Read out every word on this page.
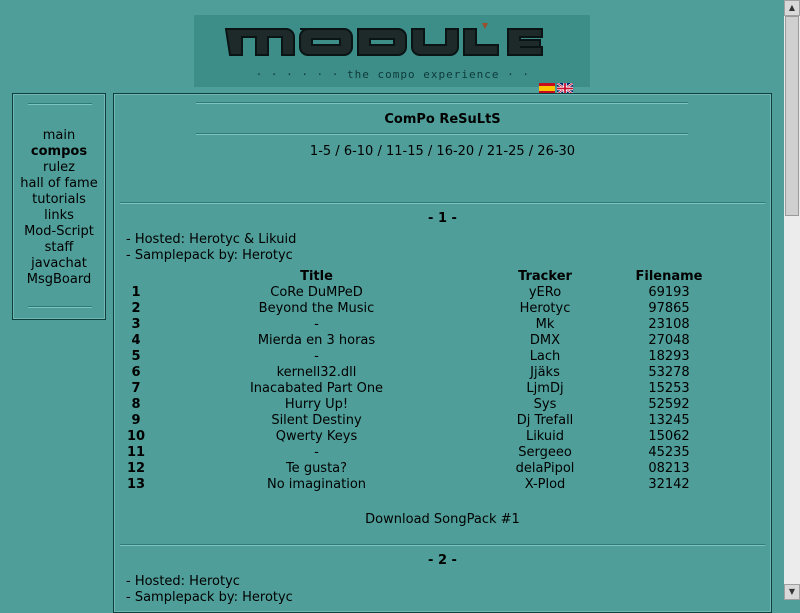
· · · · · · the compo experience · ·
main
compos
rulez
hall of fame
tutorials
links
Mod-Script
staff
javachat
MsgBoard
ComPo ReSuLtS
1-5 / 6-10 / 11-15 / 16-20 / 21-25 / 26-30
- 1 -
- Hosted: Herotyc & Likuid
- Samplepack by: Herotyc
	Title	Tracker	Filename
1	CoRe DuMPeD	yERo	69193
2	Beyond the Music	Herotyc	97865
3	-	Mk	23108
4	Mierda en 3 horas	DMX	27048
5	-	Lach	18293
6	kernell32.dll	Jjäks	53278
7	Inacabated Part One	LjmDj	15253
8	Hurry Up!	Sys	52592
9	Silent Destiny	Dj Trefall	13245
10	Qwerty Keys	Likuid	15062
11	-	Sergeeo	45235
12	Te gusta?	delaPipol	08213
13	No imagination	X-Plod	32142
Download SongPack #1
- 2 -
- Hosted: Herotyc
- Samplepack by: Herotyc
▲
▼
